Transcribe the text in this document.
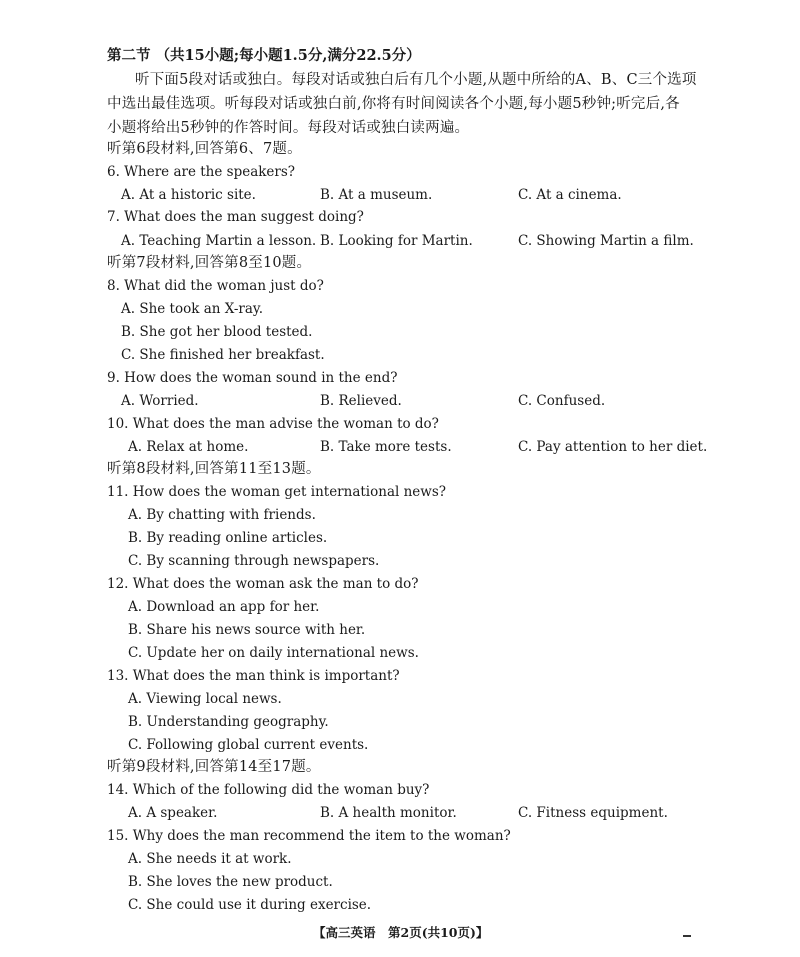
第二节 （共15小题;每小题1.5分,满分22.5分）
听下面5段对话或独白。每段对话或独白后有几个小题,从题中所给的A、B、C三个选项
中选出最佳选项。听每段对话或独白前,你将有时间阅读各个小题,每小题5秒钟;听完后,各
小题将给出5秒钟的作答时间。每段对话或独白读两遍。
听第6段材料,回答第6、7题。
6. Where are the speakers?
A. At a historic site.	B. At a museum.	C. At a cinema.
7. What does the man suggest doing?
A. Teaching Martin a lesson. B. Looking for Martin.	C. Showing Martin a film.
听第7段材料,回答第8至10题。
8. What did the woman just do?
A. She took an X-ray.
B. She got her blood tested.
C. She finished her breakfast.
9. How does the woman sound in the end?
A. Worried.	B. Relieved.	C. Confused.
10. What does the man advise the woman to do?
A. Relax at home.	B. Take more tests.	C. Pay attention to her diet.
听第8段材料,回答第11至13题。
11. How does the woman get international news?
A. By chatting with friends.
B. By reading online articles.
C. By scanning through newspapers.
12. What does the woman ask the man to do?
A. Download an app for her.
B. Share his news source with her.
C. Update her on daily international news.
13. What does the man think is important?
A. Viewing local news.
B. Understanding geography.
C. Following global current events.
听第9段材料,回答第14至17题。
14. Which of the following did the woman buy?
A. A speaker.	B. A health monitor.	C. Fitness equipment.
15. Why does the man recommend the item to the woman?
A. She needs it at work.
B. She loves the new product.
C. She could use it during exercise.
【高三英语　第2页(共10页)】
